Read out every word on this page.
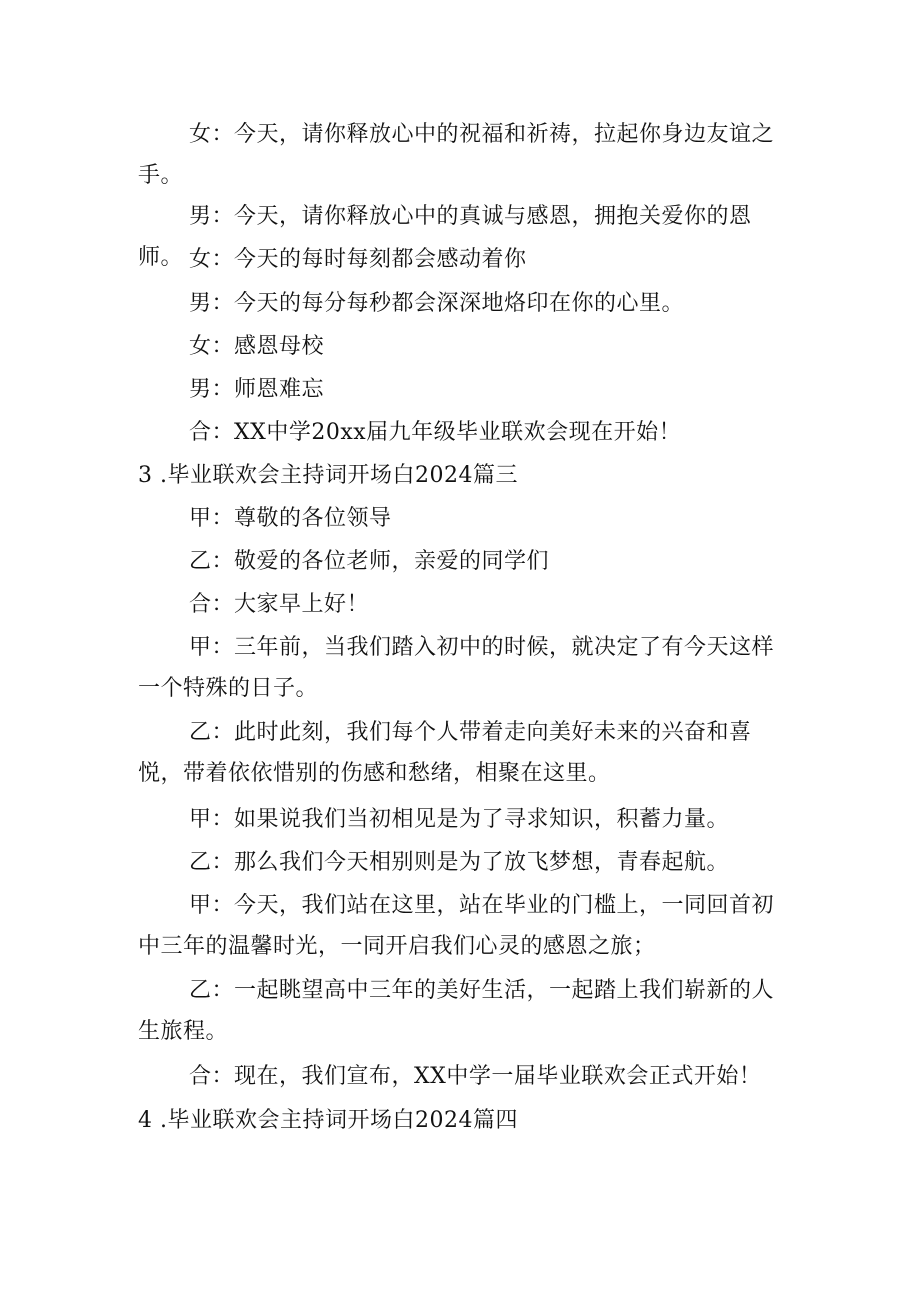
女：今天，请你释放心中的祝福和祈祷，拉起你身边友谊之手。

男：今天，请你释放心中的真诚与感恩，拥抱关爱你的恩师。 女：今天的每时每刻都会感动着你

男：今天的每分每秒都会深深地烙印在你的心里。

女：感恩母校

男：师恩难忘

合：XX中学20xx届九年级毕业联欢会现在开始！

3 .毕业联欢会主持词开场白2024篇三

甲：尊敬的各位领导

乙：敬爱的各位老师，亲爱的同学们

合：大家早上好！

甲：三年前，当我们踏入初中的时候，就决定了有今天这样一个特殊的日子。

乙：此时此刻，我们每个人带着走向美好未来的兴奋和喜悦，带着依依惜别的伤感和愁绪，相聚在这里。

甲：如果说我们当初相见是为了寻求知识，积蓄力量。

乙：那么我们今天相别则是为了放飞梦想，青春起航。

甲：今天，我们站在这里，站在毕业的门槛上，一同回首初中三年的温馨时光，一同开启我们心灵的感恩之旅；

乙：一起眺望高中三年的美好生活，一起踏上我们崭新的人生旅程。

合：现在，我们宣布，XX中学一届毕业联欢会正式开始！

4 .毕业联欢会主持词开场白2024篇四
